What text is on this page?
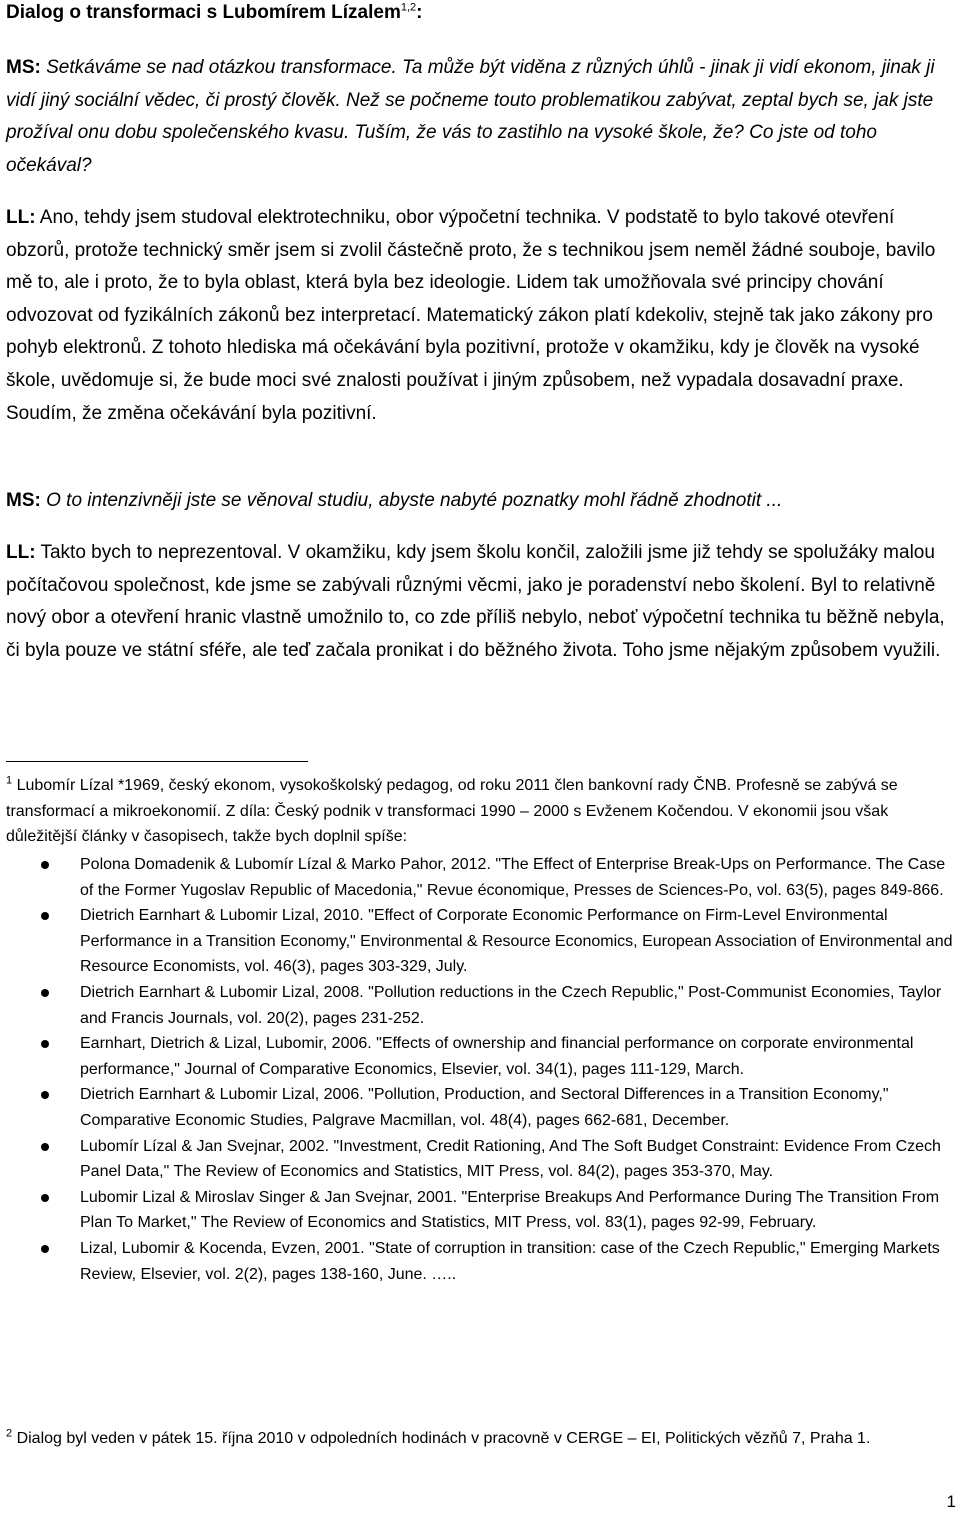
Dialog o transformaci s Lubomírem Lízalem$^{1,2}$:
MS: Setkáváme se nad otázkou transformace. Ta může být viděna z různých úhlů - jinak ji vidí ekonom, jinak ji vidí jiný sociální vědec, či prostý člověk. Než se počneme touto problematikou zabývat, zeptal bych se, jak jste prožíval onu dobu společenského kvasu. Tuším, že vás to zastihlo na vysoké škole, že? Co jste od toho očekával?
LL: Ano, tehdy jsem studoval elektrotechniku, obor výpočetní technika. V podstatě to bylo takové otevření obzorů, protože technický směr jsem si zvolil částečně proto, že s technikou jsem neměl žádné souboje, bavilo mě to, ale i proto, že to byla oblast, která byla bez ideologie. Lidem tak umožňovala své principy chování odvozovat od fyzikálních zákonů bez interpretací. Matematický zákon platí kdekoliv, stejně tak jako zákony pro pohyb elektronů. Z tohoto hlediska má očekávání byla pozitivní, protože v okamžiku, kdy je člověk na vysoké škole, uvědomuje si, že bude moci své znalosti používat i jiným způsobem, než vypadala dosavadní praxe. Soudím, že změna očekávání byla pozitivní.
MS: O to intenzivněji jste se věnoval studiu, abyste nabyté poznatky mohl řádně zhodnotit ...
LL: Takto bych to neprezentoval. V okamžiku, kdy jsem školu končil, založili jsme již tehdy se spolužáky malou počítačovou společnost, kde jsme se zabývali různými věcmi, jako je poradenství nebo školení. Byl to relativně nový obor a otevření hranic vlastně umožnilo to, co zde příliš nebylo, neboť výpočetní technika tu běžně nebyla, či byla pouze ve státní sféře, ale teď začala pronikat i do běžného života. Toho jsme nějakým způsobem využili.
$^1$ Lubomír Lízal *1969, český ekonom, vysokoškolský pedagog, od roku 2011 člen bankovní rady ČNB. Profesně se zabývá se transformací a mikroekonomií. Z díla: Český podnik v transformaci 1990 – 2000 s Evženem Kočendou. V ekonomii jsou však důležitější články v časopisech, takže bych doplnil spíše:
Polona Domadenik & Lubomír Lízal & Marko Pahor, 2012. "The Effect of Enterprise Break-Ups on Performance. The Case of the Former Yugoslav Republic of Macedonia," Revue économique, Presses de Sciences-Po, vol. 63(5), pages 849-866.
Dietrich Earnhart & Lubomir Lizal, 2010. "Effect of Corporate Economic Performance on Firm-Level Environmental Performance in a Transition Economy," Environmental & Resource Economics, European Association of Environmental and Resource Economists, vol. 46(3), pages 303-329, July.
Dietrich Earnhart & Lubomir Lizal, 2008. "Pollution reductions in the Czech Republic," Post-Communist Economies, Taylor and Francis Journals, vol. 20(2), pages 231-252.
Earnhart, Dietrich & Lizal, Lubomir, 2006. "Effects of ownership and financial performance on corporate environmental performance," Journal of Comparative Economics, Elsevier, vol. 34(1), pages 111-129, March.
Dietrich Earnhart & Lubomir Lizal, 2006. "Pollution, Production, and Sectoral Differences in a Transition Economy," Comparative Economic Studies, Palgrave Macmillan, vol. 48(4), pages 662-681, December.
Lubomír Lízal & Jan Svejnar, 2002. "Investment, Credit Rationing, And The Soft Budget Constraint: Evidence From Czech Panel Data," The Review of Economics and Statistics, MIT Press, vol. 84(2), pages 353-370, May.
Lubomir Lizal & Miroslav Singer & Jan Svejnar, 2001. "Enterprise Breakups And Performance During The Transition From Plan To Market," The Review of Economics and Statistics, MIT Press, vol. 83(1), pages 92-99, February.
Lizal, Lubomir & Kocenda, Evzen, 2001. "State of corruption in transition: case of the Czech Republic," Emerging Markets Review, Elsevier, vol. 2(2), pages 138-160, June. …..
$^2$ Dialog byl veden v pátek 15. října 2010 v odpoledních hodinách v pracovně v CERGE – EI, Politických vězňů 7, Praha 1.
1
